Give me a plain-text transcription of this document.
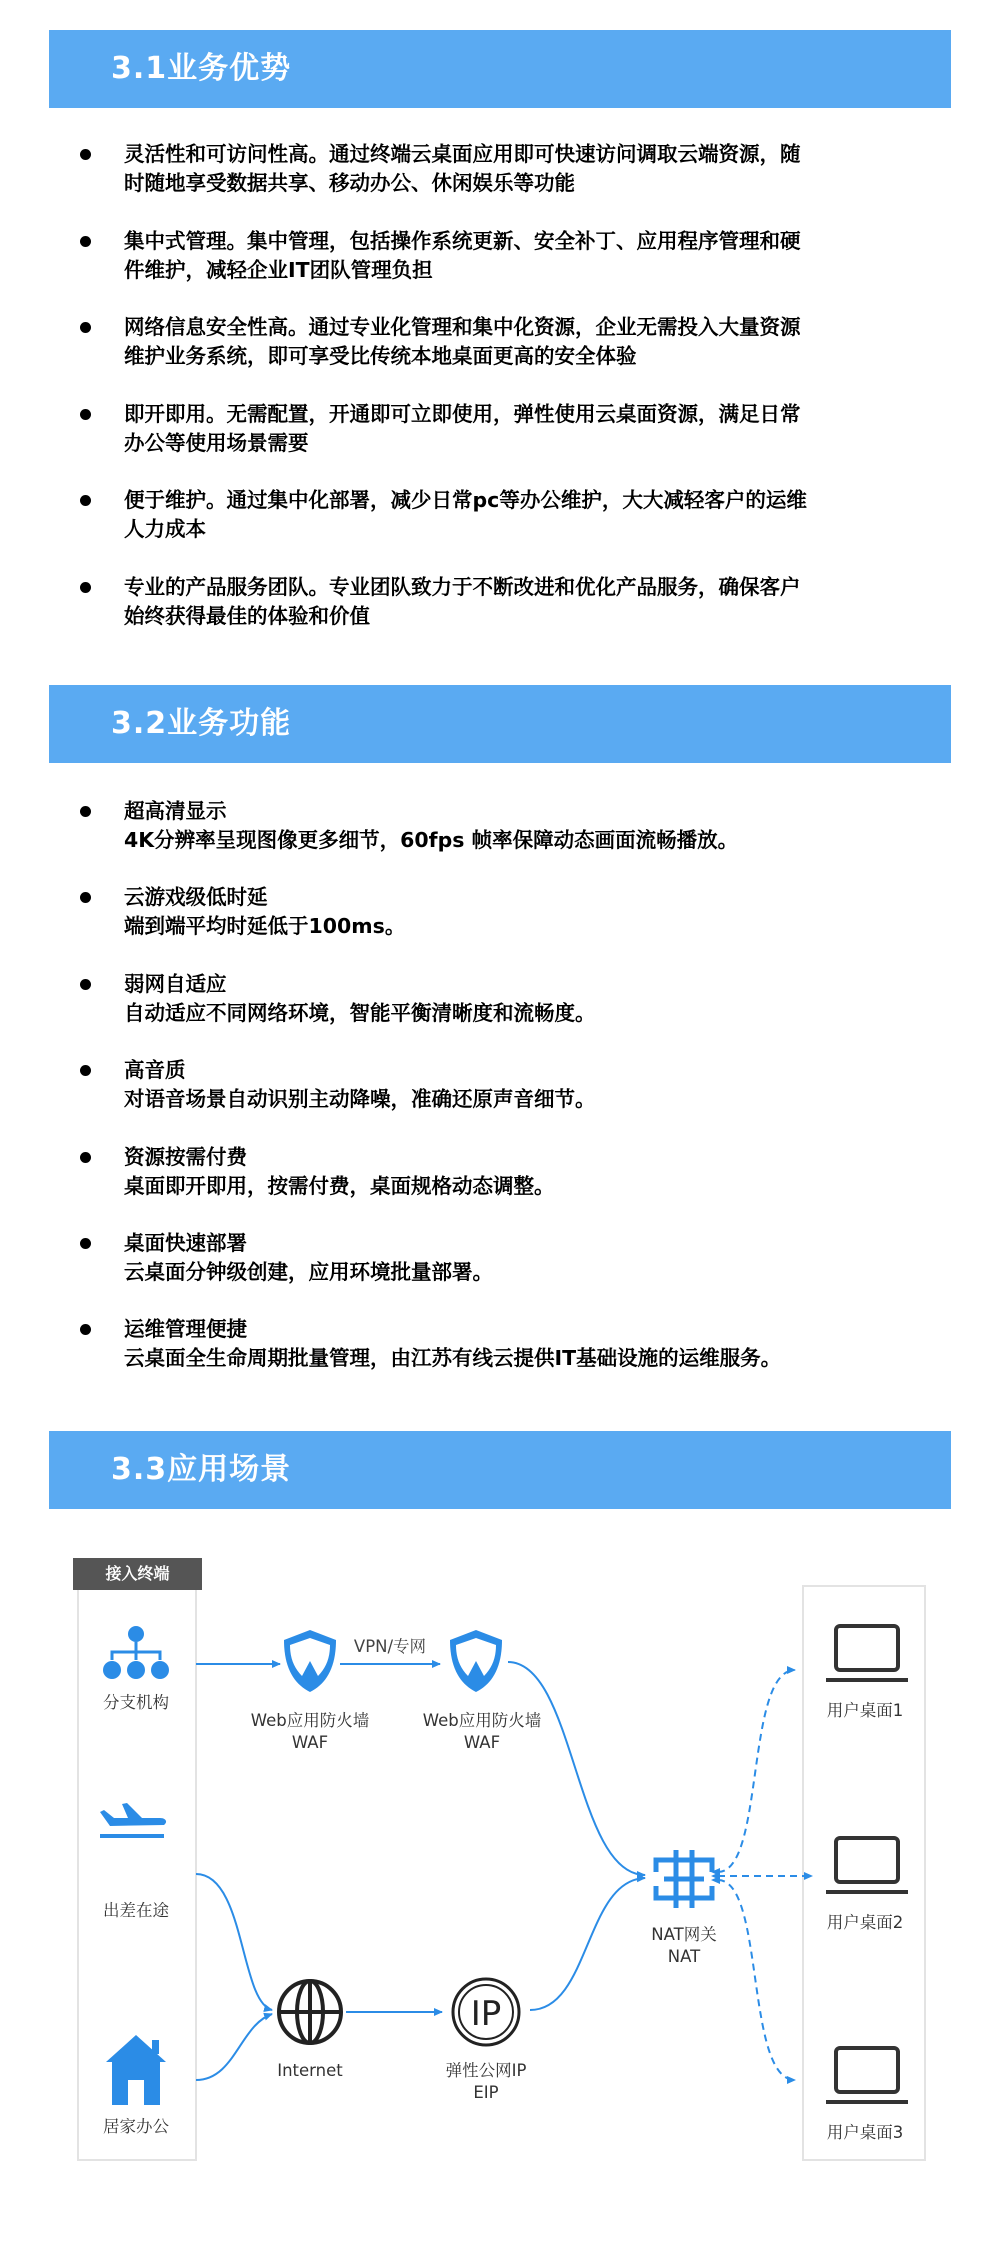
3.1业务优势
灵活性和可访问性高。通过终端云桌面应用即可快速访问调取云端资源，随
时随地享受数据共享、移动办公、休闲娱乐等功能
集中式管理。集中管理，包括操作系统更新、安全补丁、应用程序管理和硬
件维护，减轻企业IT团队管理负担
网络信息安全性高。通过专业化管理和集中化资源，企业无需投入大量资源
维护业务系统，即可享受比传统本地桌面更高的安全体验
即开即用。无需配置，开通即可立即使用，弹性使用云桌面资源，满足日常
办公等使用场景需要
便于维护。通过集中化部署，减少日常pc等办公维护，大大减轻客户的运维
人力成本
专业的产品服务团队。专业团队致力于不断改进和优化产品服务，确保客户
始终获得最佳的体验和价值
3.2业务功能
超高清显示
4K分辨率呈现图像更多细节，60fps 帧率保障动态画面流畅播放。
云游戏级低时延
端到端平均时延低于100ms。
弱网自适应
自动适应不同网络环境，智能平衡清晰度和流畅度。
高音质
对语音场景自动识别主动降噪，准确还原声音细节。
资源按需付费
桌面即开即用，按需付费，桌面规格动态调整。
桌面快速部署
云桌面分钟级创建，应用环境批量部署。
运维管理便捷
云桌面全生命周期批量管理，由江苏有线云提供IT基础设施的运维服务。
3.3应用场景
IP
接入终端
分支机构
出差在途
居家办公
VPN/专网
Web应用防火墙
WAF
Web应用防火墙
WAF
Internet	弹性公网IP
EIP
NAT网关
NAT
用户桌面1
用户桌面2
用户桌面3
